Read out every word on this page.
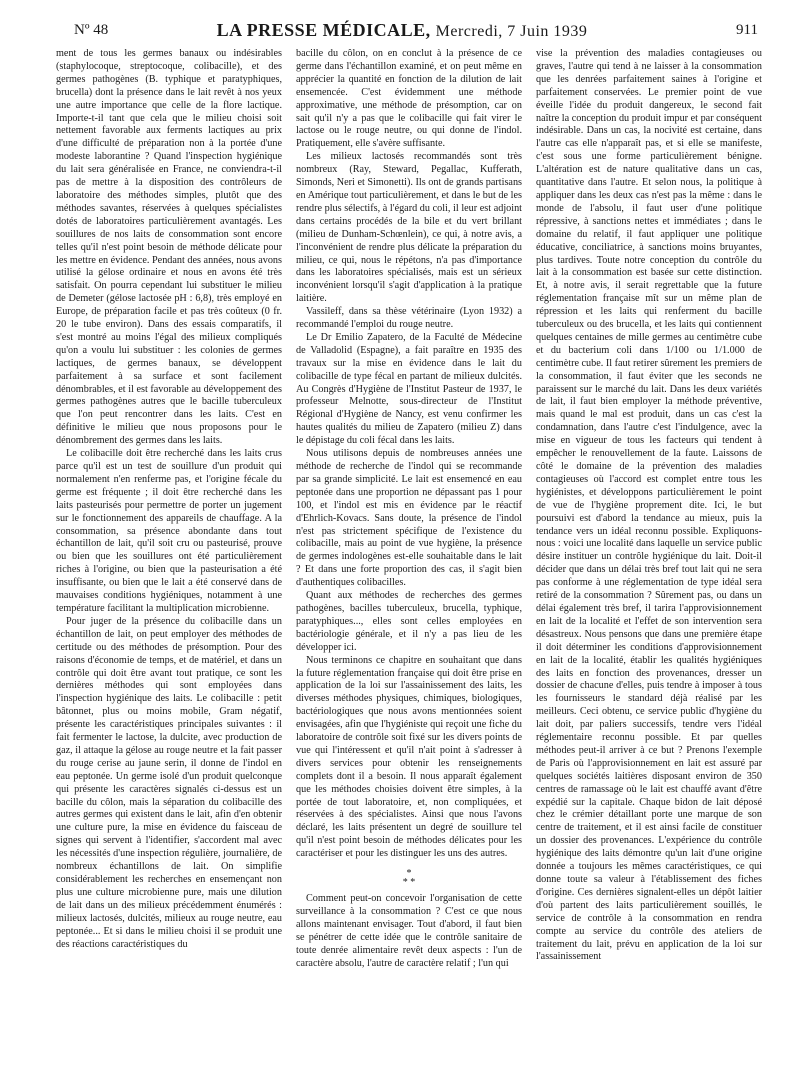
Nº 48	LA PRESSE MÉDICALE, Mercredi, 7 Juin 1939	911

ment de tous les germes banaux ou indésirables (staphylocoque, streptocoque, colibacille), et des germes pathogènes (B. typhique et paratyphiques, brucella) dont la présence dans le lait revêt à nos yeux une autre importance que celle de la flore lactique. Importe-t-il tant que cela que le milieu choisi soit nettement favorable aux ferments lactiques au prix d'une difficulté de préparation non à la portée d'une modeste laborantine ? Quand l'inspection hygiénique du lait sera généralisée en France, ne conviendra-t-il pas de mettre à la disposition des contrôleurs de laboratoire des méthodes simples, plutôt que des méthodes savantes, réservées à quelques spécialistes dotés de laboratoires particulièrement avantagés. Les souillures de nos laits de consommation sont encore telles qu'il n'est point besoin de méthode délicate pour les mettre en évidence. Pendant des années, nous avons utilisé la gélose ordinaire et nous en avons été très satisfait. On pourra cependant lui substituer le milieu de Demeter (gélose lactosée pH : 6,8), très employé en Europe, de préparation facile et pas très coûteux (0 fr. 20 le tube environ). Dans des essais comparatifs, il s'est montré au moins l'égal des milieux compliqués qu'on a voulu lui substituer : les colonies de germes lactiques, de germes banaux, se développent parfaitement à sa surface et sont facilement dénombrables, et il est favorable au développement des germes pathogènes autres que le bacille tuberculeux que l'on peut rencontrer dans les laits. C'est en définitive le milieu que nous proposons pour le dénombrement des germes dans les laits.

Le colibacille doit être recherché dans les laits crus parce qu'il est un test de souillure d'un produit qui normalement n'en renferme pas, et l'origine fécale du germe est fréquente ; il doit être recherché dans les laits pasteurisés pour permettre de porter un jugement sur le fonctionnement des appareils de chauffage. A la consommation, sa présence abondante dans tout échantillon de lait, qu'il soit cru ou pasteurisé, prouve ou bien que les souillures ont été particulièrement riches à l'origine, ou bien que la pasteurisation a été insuffisante, ou bien que le lait a été conservé dans de mauvaises conditions hygiéniques, notamment à une température facilitant la multiplication microbienne.

Pour juger de la présence du colibacille dans un échantillon de lait, on peut employer des méthodes de certitude ou des méthodes de présomption. Pour des raisons d'économie de temps, et de matériel, et dans un contrôle qui doit être avant tout pratique, ce sont les dernières méthodes qui sont employées dans l'inspection hygiénique des laits. Le colibacille : petit bâtonnet, plus ou moins mobile, Gram négatif, présente les caractéristiques principales suivantes : il fait fermenter le lactose, la dulcite, avec production de gaz, il attaque la gélose au rouge neutre et la fait passer du rouge cerise au jaune serin, il donne de l'indol en eau peptonée. Un germe isolé d'un produit quelconque qui présente les caractères signalés ci-dessus est un bacille du côlon, mais la séparation du colibacille des autres germes qui existent dans le lait, afin d'en obtenir une culture pure, la mise en évidence du faisceau de signes qui servent à l'identifier, s'accordent mal avec les nécessités d'une inspection régulière, journalière, de nombreux échantillons de lait. On simplifie considérablement les recherches en ensemençant non plus une culture microbienne pure, mais une dilution de lait dans un des milieux précédemment énumérés : milieux lactosés, dulcités, milieux au rouge neutre, eau peptonée... Et si dans le milieu choisi il se produit une des réactions caractéristiques du

bacille du côlon, on en conclut à la présence de ce germe dans l'échantillon examiné, et on peut même en apprécier la quantité en fonction de la dilution de lait ensemencée. C'est évidemment une méthode approximative, une méthode de présomption, car on sait qu'il n'y a pas que le colibacille qui fait virer le lactose ou le rouge neutre, ou qui donne de l'indol. Pratiquement, elle s'avère suffisante.

Les milieux lactosés recommandés sont très nombreux (Ray, Steward, Pegallac, Kufferath, Simonds, Neri et Simonetti). Ils ont de grands partisans en Amérique tout particulièrement, et dans le but de les rendre plus sélectifs, à l'égard du coli, il leur est adjoint dans certains procédés de la bile et du vert brillant (milieu de Dunham-Schœnlein), ce qui, à notre avis, a l'inconvénient de rendre plus délicate la préparation du milieu, ce qui, nous le répétons, n'a pas d'importance dans les laboratoires spécialisés, mais est un sérieux inconvénient lorsqu'il s'agit d'application à la pratique laitière.

Vassileff, dans sa thèse vétérinaire (Lyon 1932) a recommandé l'emploi du rouge neutre.

Le Dr Emilio Zapatero, de la Faculté de Médecine de Valladolid (Espagne), a fait paraître en 1935 des travaux sur la mise en évidence dans le lait du colibacille de type fécal en partant de milieux dulcités. Au Congrès d'Hygiène de l'Institut Pasteur de 1937, le professeur Melnotte, sous-directeur de l'Institut Régional d'Hygiène de Nancy, est venu confirmer les hautes qualités du milieu de Zapatero (milieu Z) dans le dépistage du coli fécal dans les laits.

Nous utilisons depuis de nombreuses années une méthode de recherche de l'indol qui se recommande par sa grande simplicité. Le lait est ensemencé en eau peptonée dans une proportion ne dépassant pas 1 pour 100, et l'indol est mis en évidence par le réactif d'Ehrlich-Kovacs. Sans doute, la présence de l'indol n'est pas strictement spécifique de l'existence du colibacille, mais au point de vue hygiène, la présence de germes indologènes est-elle souhaitable dans le lait ? Et dans une forte proportion des cas, il s'agit bien d'authentiques colibacilles.

Quant aux méthodes de recherches des germes pathogènes, bacilles tuberculeux, brucella, typhique, paratyphiques..., elles sont celles employées en bactériologie générale, et il n'y a pas lieu de les développer ici.

Nous terminons ce chapitre en souhaitant que dans la future réglementation française qui doit être prise en application de la loi sur l'assainissement des laits, les diverses méthodes physiques, chimiques, biologiques, bactériologiques que nous avons mentionnées soient envisagées, afin que l'hygiéniste qui reçoit une fiche du laboratoire de contrôle soit fixé sur les divers points de vue qui l'intéressent et qu'il n'ait point à s'adresser à divers services pour obtenir les renseignements complets dont il a besoin. Il nous apparaît également que les méthodes choisies doivent être simples, à la portée de tout laboratoire, et, non compliquées, et réservées à des spécialistes. Ainsi que nous l'avons déclaré, les laits présentent un degré de souillure tel qu'il n'est point besoin de méthodes délicates pour les caractériser et pour les distinguer les uns des autres.

*
* *

Comment peut-on concevoir l'organisation de cette surveillance à la consommation ? C'est ce que nous allons maintenant envisager. Tout d'abord, il faut bien se pénétrer de cette idée que le contrôle sanitaire de toute denrée alimentaire revêt deux aspects : l'un de caractère absolu, l'autre de caractère relatif ; l'un qui

vise la prévention des maladies contagieuses ou graves, l'autre qui tend à ne laisser à la consommation que les denrées parfaitement saines à l'origine et parfaitement conservées. Le premier point de vue éveille l'idée du produit dangereux, le second fait naître la conception du produit impur et par conséquent indésirable. Dans un cas, la nocivité est certaine, dans l'autre cas elle n'apparaît pas, et si elle se manifeste, c'est sous une forme particulièrement bénigne. L'altération est de nature qualitative dans un cas, quantitative dans l'autre. Et selon nous, la politique à appliquer dans les deux cas n'est pas la même : dans le monde de l'absolu, il faut user d'une politique répressive, à sanctions nettes et immédiates ; dans le domaine du relatif, il faut appliquer une politique éducative, conciliatrice, à sanctions moins bruyantes, plus tardives. Toute notre conception du contrôle du lait à la consommation est basée sur cette distinction. Et, à notre avis, il serait regrettable que la future réglementation française mît sur un même plan de répression et les laits qui renferment du bacille tuberculeux ou des brucella, et les laits qui contiennent quelques centaines de mille germes au centimètre cube et du bacterium coli dans 1/100 ou 1/1.000 de centimètre cube. Il faut retirer sûrement les premiers de la consommation, il faut éviter que les seconds ne paraissent sur le marché du lait. Dans les deux variétés de lait, il faut bien employer la méthode préventive, mais quand le mal est produit, dans un cas c'est la condamnation, dans l'autre c'est l'indulgence, avec la mise en vigueur de tous les facteurs qui tendent à empêcher le renouvellement de la faute. Laissons de côté le domaine de la prévention des maladies contagieuses où l'accord est complet entre tous les hygiénistes, et développons particulièrement le point de vue de l'hygiène proprement dite. Ici, le but poursuivi est d'abord la tendance au mieux, puis la tendance vers un idéal reconnu possible. Expliquons-nous : voici une localité dans laquelle un service public désire instituer un contrôle hygiénique du lait. Doit-il décider que dans un délai très bref tout lait qui ne sera pas conforme à une réglementation de type idéal sera retiré de la consommation ? Sûrement pas, ou dans un délai également très bref, il tarira l'approvisionnement en lait de la localité et l'effet de son intervention sera désastreux. Nous pensons que dans une première étape il doit déterminer les conditions d'approvisionnement en lait de la localité, établir les qualités hygiéniques des laits en fonction des provenances, dresser un dossier de chacune d'elles, puis tendre à imposer à tous les fournisseurs le standard déjà réalisé par les meilleurs. Ceci obtenu, ce service public d'hygiène du lait doit, par paliers successifs, tendre vers l'idéal réglementaire reconnu possible. Et par quelles méthodes peut-il arriver à ce but ? Prenons l'exemple de Paris où l'approvisionnement en lait est assuré par quelques sociétés laitières disposant environ de 350 centres de ramassage où le lait est chauffé avant d'être expédié sur la capitale. Chaque bidon de lait déposé chez le crémier détaillant porte une marque de son centre de traitement, et il est ainsi facile de constituer un dossier des provenances. L'expérience du contrôle hygiénique des laits démontre qu'un lait d'une origine donnée a toujours les mêmes caractéristiques, ce qui donne toute sa valeur à l'établissement des fiches d'origine. Ces dernières signalent-elles un dépôt laitier d'où partent des laits particulièrement souillés, le service de contrôle à la consommation en rendra compte au service du contrôle des ateliers de traitement du lait, prévu en application de la loi sur l'assainissement
